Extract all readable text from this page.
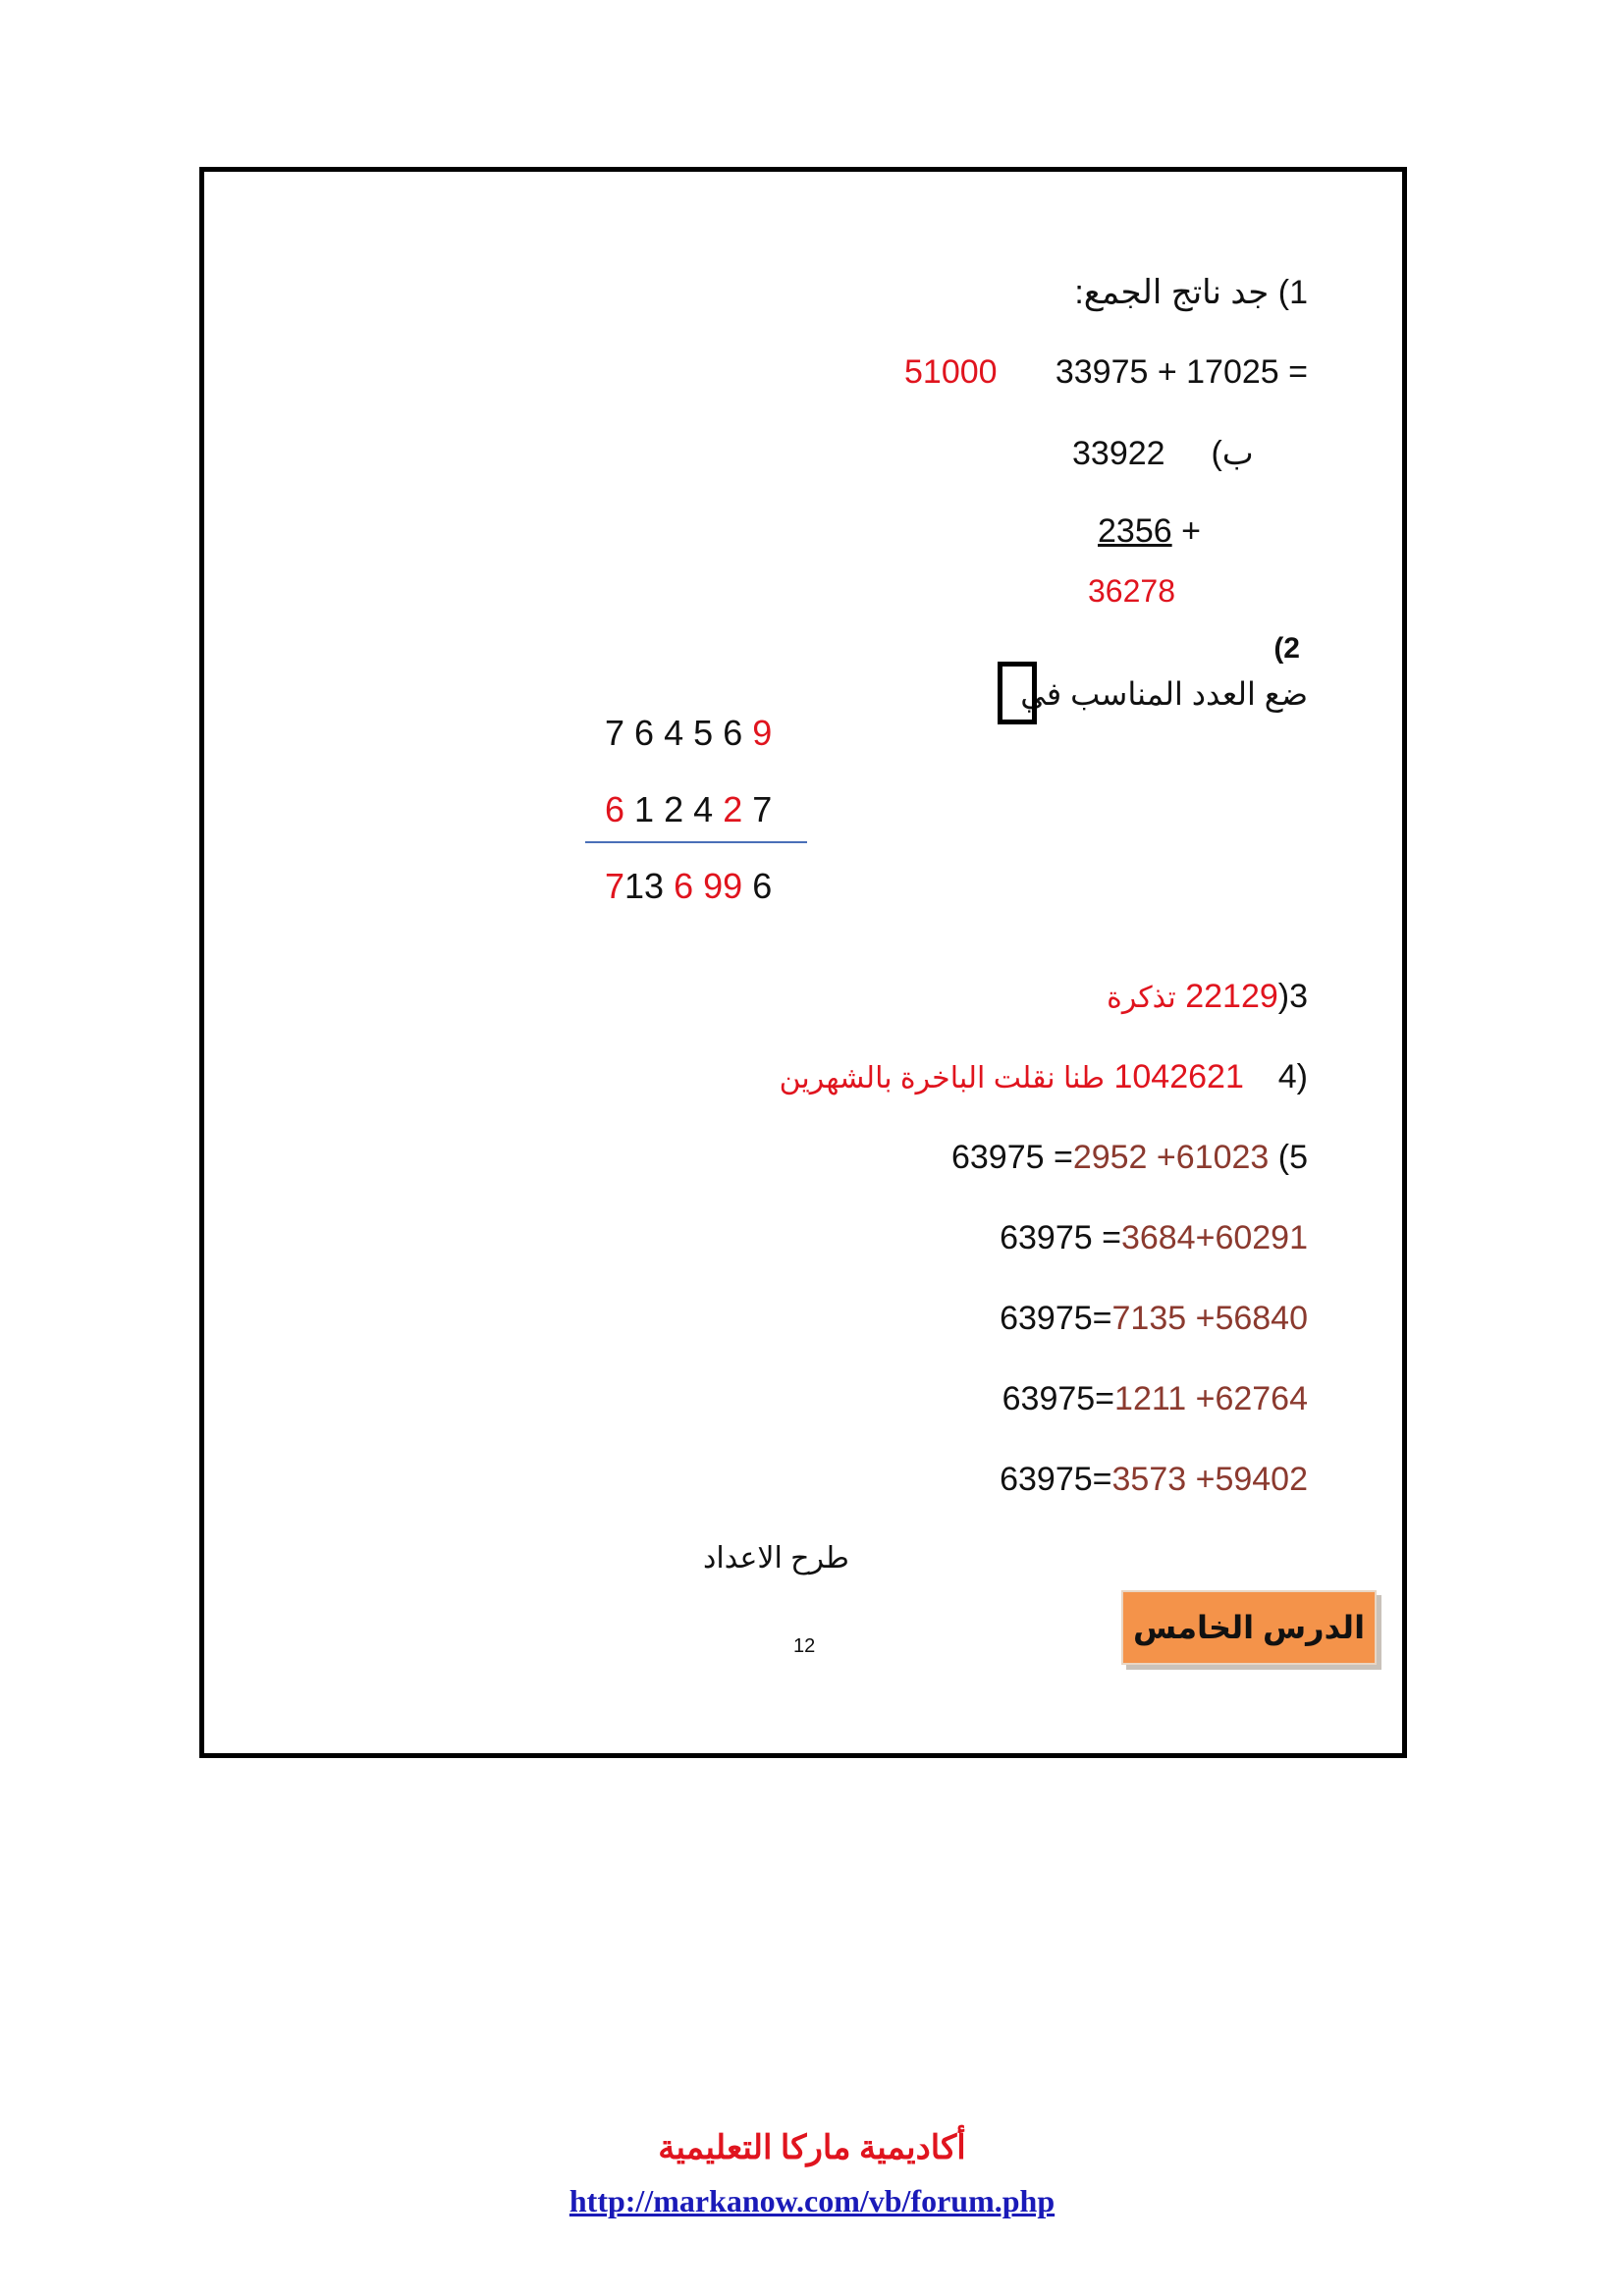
1) جد ناتج الجمع:
33975 + 17025 =
51000
33922 ب)
2356 +
36278
(2
ضع العدد المناسب في
7 6 4 5 6 9
6 1 2 4 2 7
713 6 99 6
تذكرة 22129)3
طنا نقلت الباخرة بالشهرين 1042621 4)
63975 =2952 +61023 (5
63975 =3684+60291
63975=7135 +56840
63975=1211 +62764
63975=3573 +59402
طرح الاعداد
الدرس الخامس
12
أكاديمية ماركا التعليمية
http://markanow.com/vb/forum.php
